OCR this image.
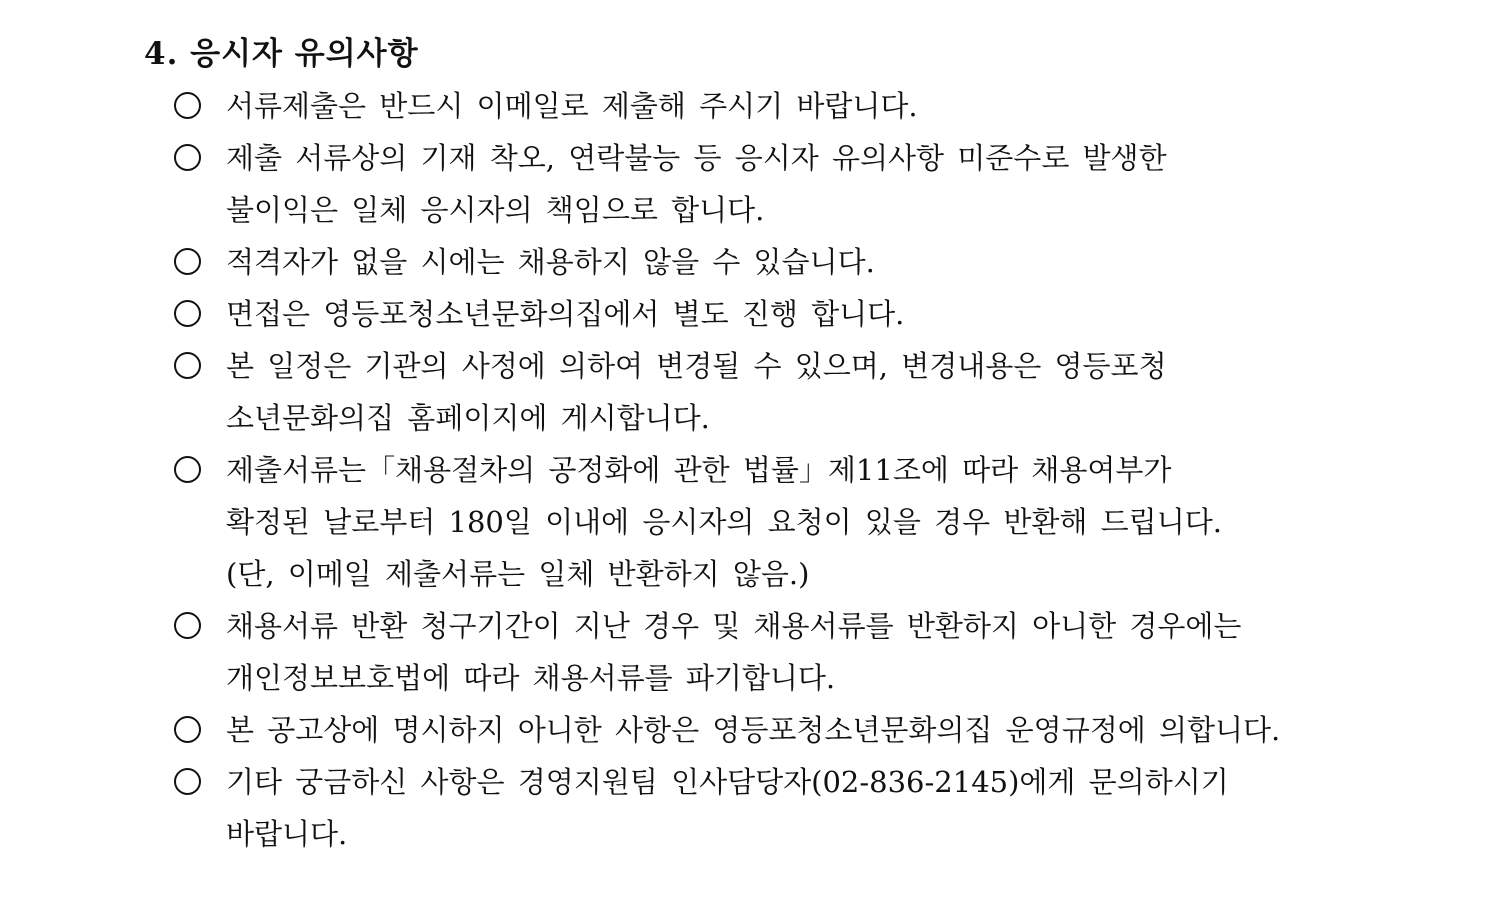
4. 응시자 유의사항
서류제출은 반드시 이메일로 제출해 주시기 바랍니다.
제출 서류상의 기재 착오, 연락불능 등 응시자 유의사항 미준수로 발생한
불이익은 일체 응시자의 책임으로 합니다.
적격자가 없을 시에는 채용하지 않을 수 있습니다.
면접은 영등포청소년문화의집에서 별도 진행 합니다.
본 일정은 기관의 사정에 의하여 변경될 수 있으며, 변경내용은 영등포청
소년문화의집 홈페이지에 게시합니다.
제출서류는「채용절차의 공정화에 관한 법률」제11조에 따라 채용여부가
확정된 날로부터 180일 이내에 응시자의 요청이 있을 경우 반환해 드립니다.
(단, 이메일 제출서류는 일체 반환하지 않음.)
채용서류 반환 청구기간이 지난 경우 및 채용서류를 반환하지 아니한 경우에는
개인정보보호법에 따라 채용서류를 파기합니다.
본 공고상에 명시하지 아니한 사항은 영등포청소년문화의집 운영규정에 의합니다.
기타 궁금하신 사항은 경영지원팀 인사담당자(02-836-2145)에게 문의하시기
바랍니다.
